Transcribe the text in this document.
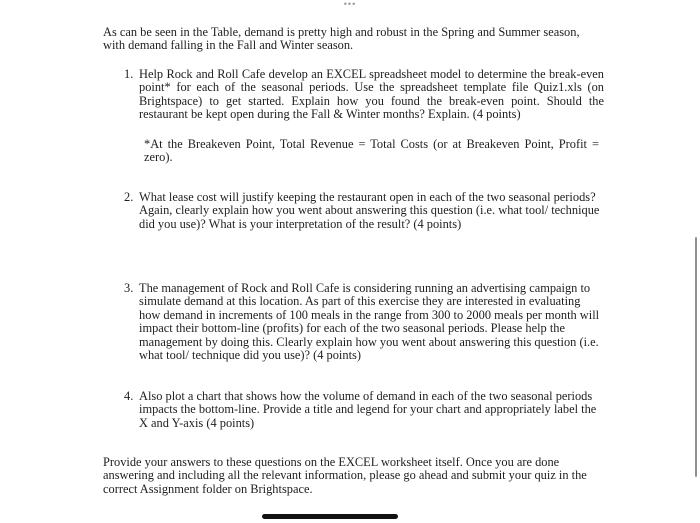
•••

As can be seen in the Table, demand is pretty high and robust in the Spring and Summer season, with demand falling in the Fall and Winter season.

1. Help Rock and Roll Cafe develop an EXCEL spreadsheet model to determine the break-even point* for each of the seasonal periods. Use the spreadsheet template file Quiz1.xls (on Brightspace) to get started. Explain how you found the break-even point. Should the restaurant be kept open during the Fall & Winter months? Explain. (4 points)

*At the Breakeven Point, Total Revenue = Total Costs (or at Breakeven Point, Profit = zero).

2. What lease cost will justify keeping the restaurant open in each of the two seasonal periods? Again, clearly explain how you went about answering this question (i.e. what tool/ technique did you use)? What is your interpretation of the result? (4 points)
3. The management of Rock and Roll Cafe is considering running an advertising campaign to simulate demand at this location. As part of this exercise they are interested in evaluating how demand in increments of 100 meals in the range from 300 to 2000 meals per month will impact their bottom-line (profits) for each of the two seasonal periods. Please help the management by doing this. Clearly explain how you went about answering this question (i.e. what tool/ technique did you use)? (4 points)
4. Also plot a chart that shows how the volume of demand in each of the two seasonal periods impacts the bottom-line. Provide a title and legend for your chart and appropriately label the X and Y-axis (4 points)

Provide your answers to these questions on the EXCEL worksheet itself. Once you are done answering and including all the relevant information, please go ahead and submit your quiz in the correct Assignment folder on Brightspace.
